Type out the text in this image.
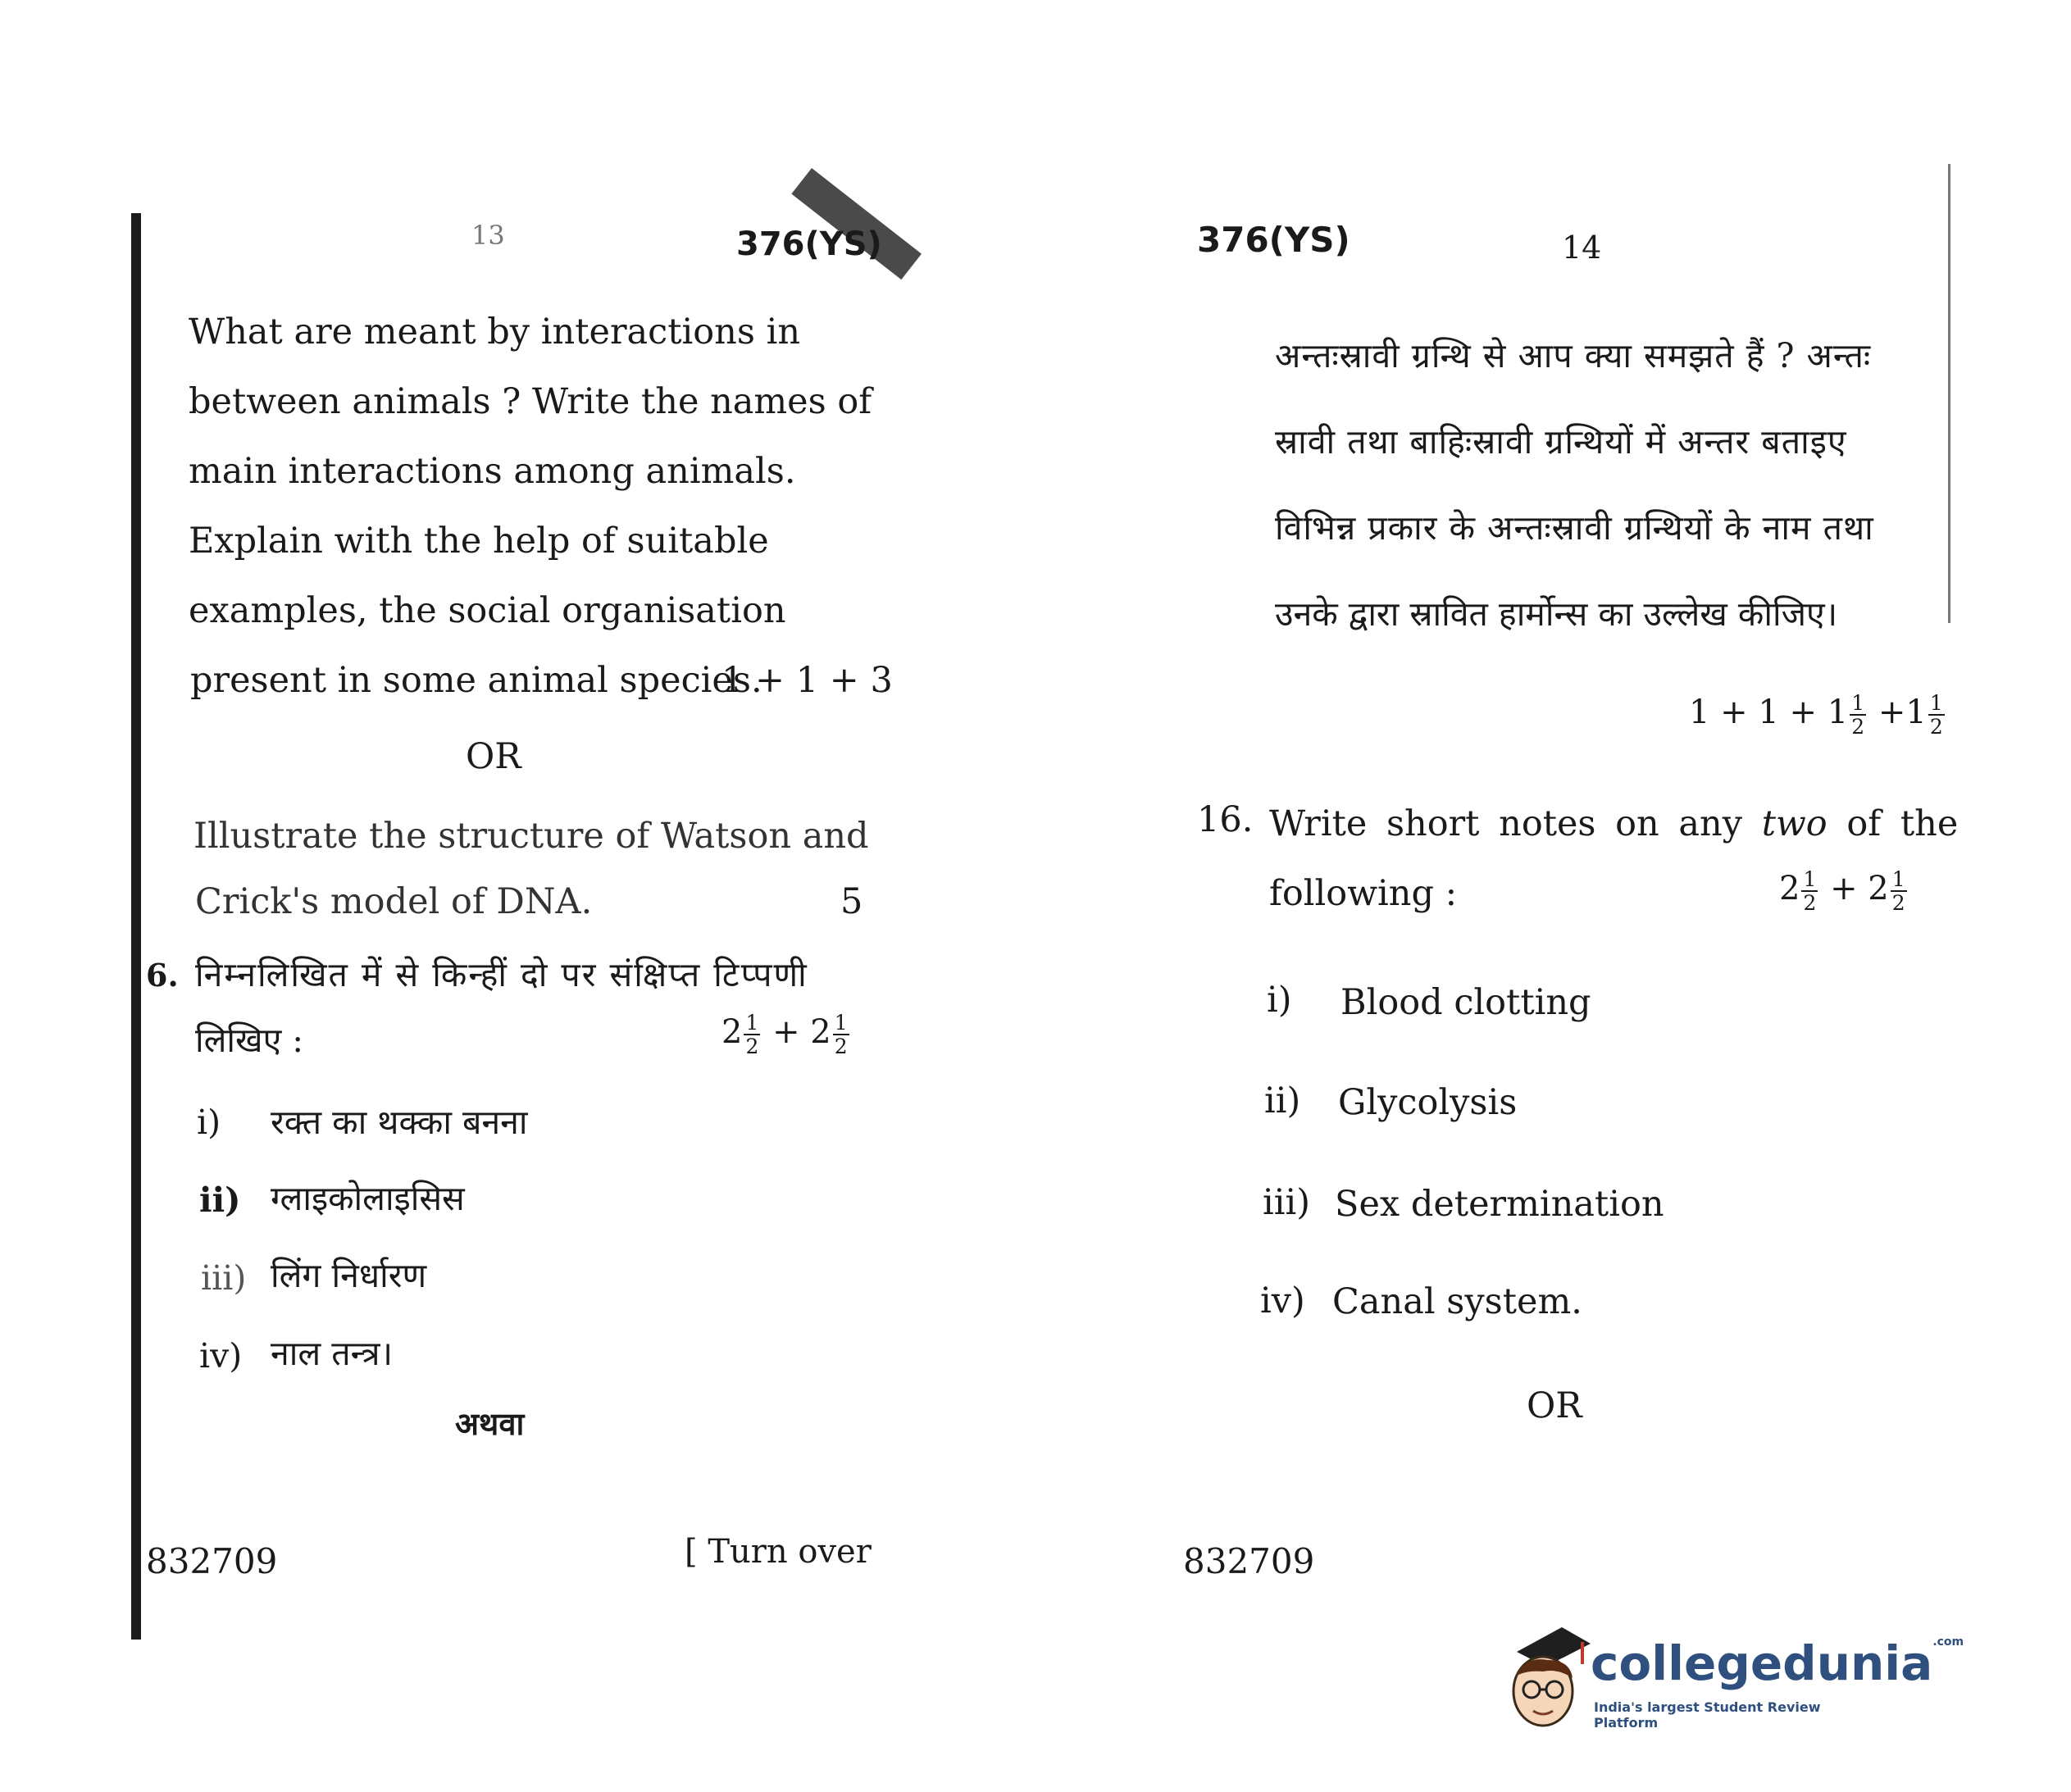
13	376(YS)
What are meant by interactions in
between animals ? Write the names of
main interactions among animals.
Explain with the help of suitable
examples, the social organisation
present in some animal species.
1 + 1 + 3
OR
Illustrate the structure of Watson and
Crick's model of DNA.	5
6. निम्नलिखित में से किन्हीं दो पर संक्षिप्त टिप्पणी
लिखिए :	$2 \frac{1}{2} + 2 \frac{1}{2}$
i) रक्त का थक्का बनना
ii) ग्लाइकोलाइसिस
iii) लिंग निर्धारण
iv) नाल तन्त्र।
अथवा
832709	[ Turn over
376(YS)	14
अन्तःस्रावी ग्रन्थि से आप क्या समझते हैं ? अन्तः
स्रावी तथा बाहिःस्रावी ग्रन्थियों में अन्तर बताइए
विभिन्न प्रकार के अन्तःस्रावी ग्रन्थियों के नाम तथा
उनके द्वारा स्रावित हार्मोन्स का उल्लेख कीजिए।
$1 + 1 + 1 \frac{1}{2} +1 \frac{1}{2}$
16. Write short notes on any two of the
following :	$2 \frac{1}{2} + 2 \frac{1}{2}$
i) Blood clotting
ii) Glycolysis
iii) Sex determination
iv) Canal system.
OR
832709
collegedunia$^{.com}$
India's largest Student Review Platform
